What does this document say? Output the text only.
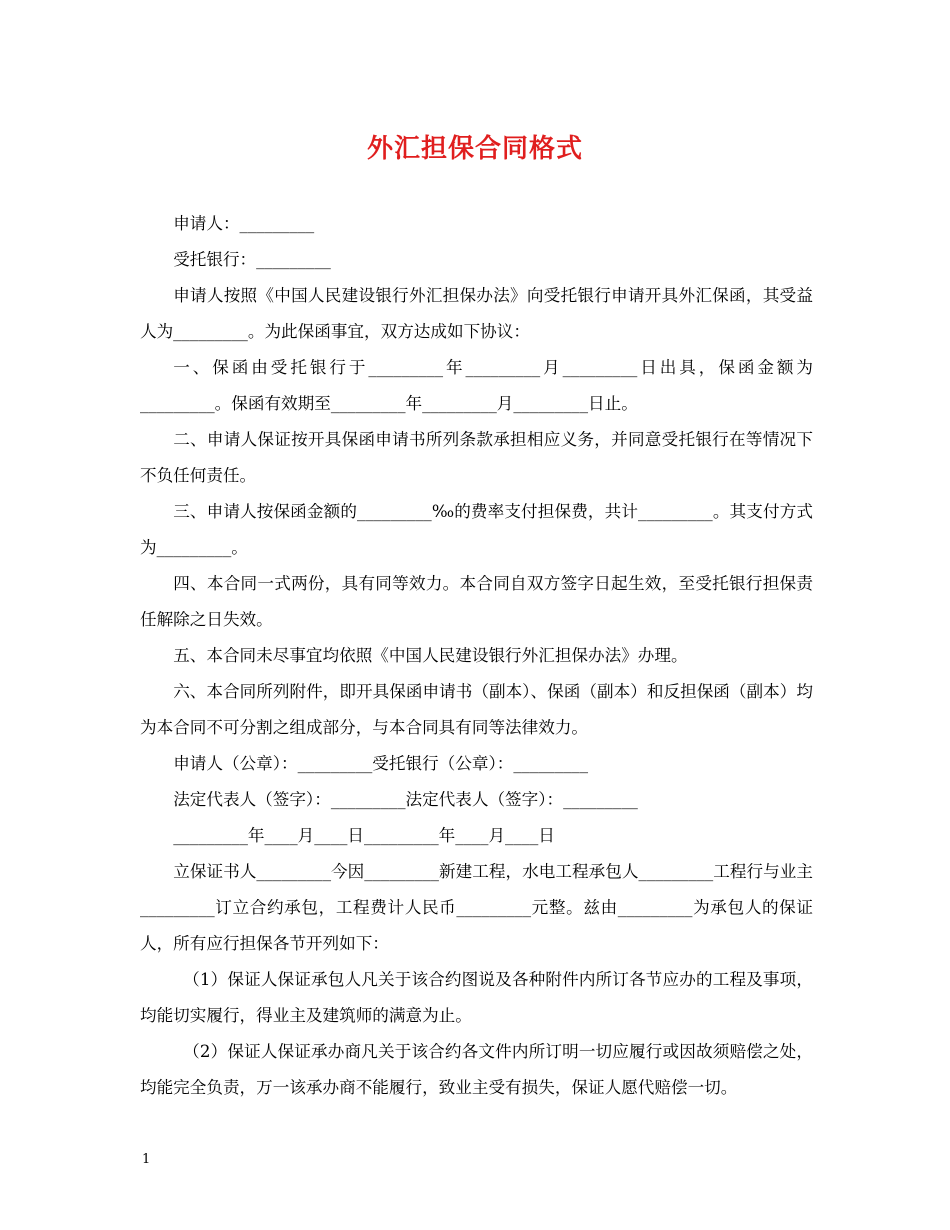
外汇担保合同格式

申请人：_________

受托银行：_________

申请人按照《中国人民建设银行外汇担保办法》向受托银行申请开具外汇保函，其受益人为_________。为此保函事宜，双方达成如下协议：

一、保函由受托银行于_________年_________月_________日出具，保函金额为_________。保函有效期至_________年_________月_________日止。

二、申请人保证按开具保函申请书所列条款承担相应义务，并同意受托银行在等情况下不负任何责任。

三、申请人按保函金额的_________‰的费率支付担保费，共计_________。其支付方式为_________。

四、本合同一式两份，具有同等效力。本合同自双方签字日起生效，至受托银行担保责任解除之日失效。

五、本合同未尽事宜均依照《中国人民建设银行外汇担保办法》办理。

六、本合同所列附件，即开具保函申请书（副本）、保函（副本）和反担保函（副本）均为本合同不可分割之组成部分，与本合同具有同等法律效力。

申请人（公章）：_________受托银行（公章）：_________

法定代表人（签字）：_________法定代表人（签字）：_________

_________年____月____日_________年____月____日

立保证书人_________今因_________新建工程，水电工程承包人_________工程行与业主_________订立合约承包，工程费计人民币_________元整。兹由_________为承包人的保证人，所有应行担保各节开列如下：

（1）保证人保证承包人凡关于该合约图说及各种附件内所订各节应办的工程及事项，均能切实履行，得业主及建筑师的满意为止。

（2）保证人保证承办商凡关于该合约各文件内所订明一切应履行或因故须赔偿之处，均能完全负责，万一该承办商不能履行，致业主受有损失，保证人愿代赔偿一切。

1
